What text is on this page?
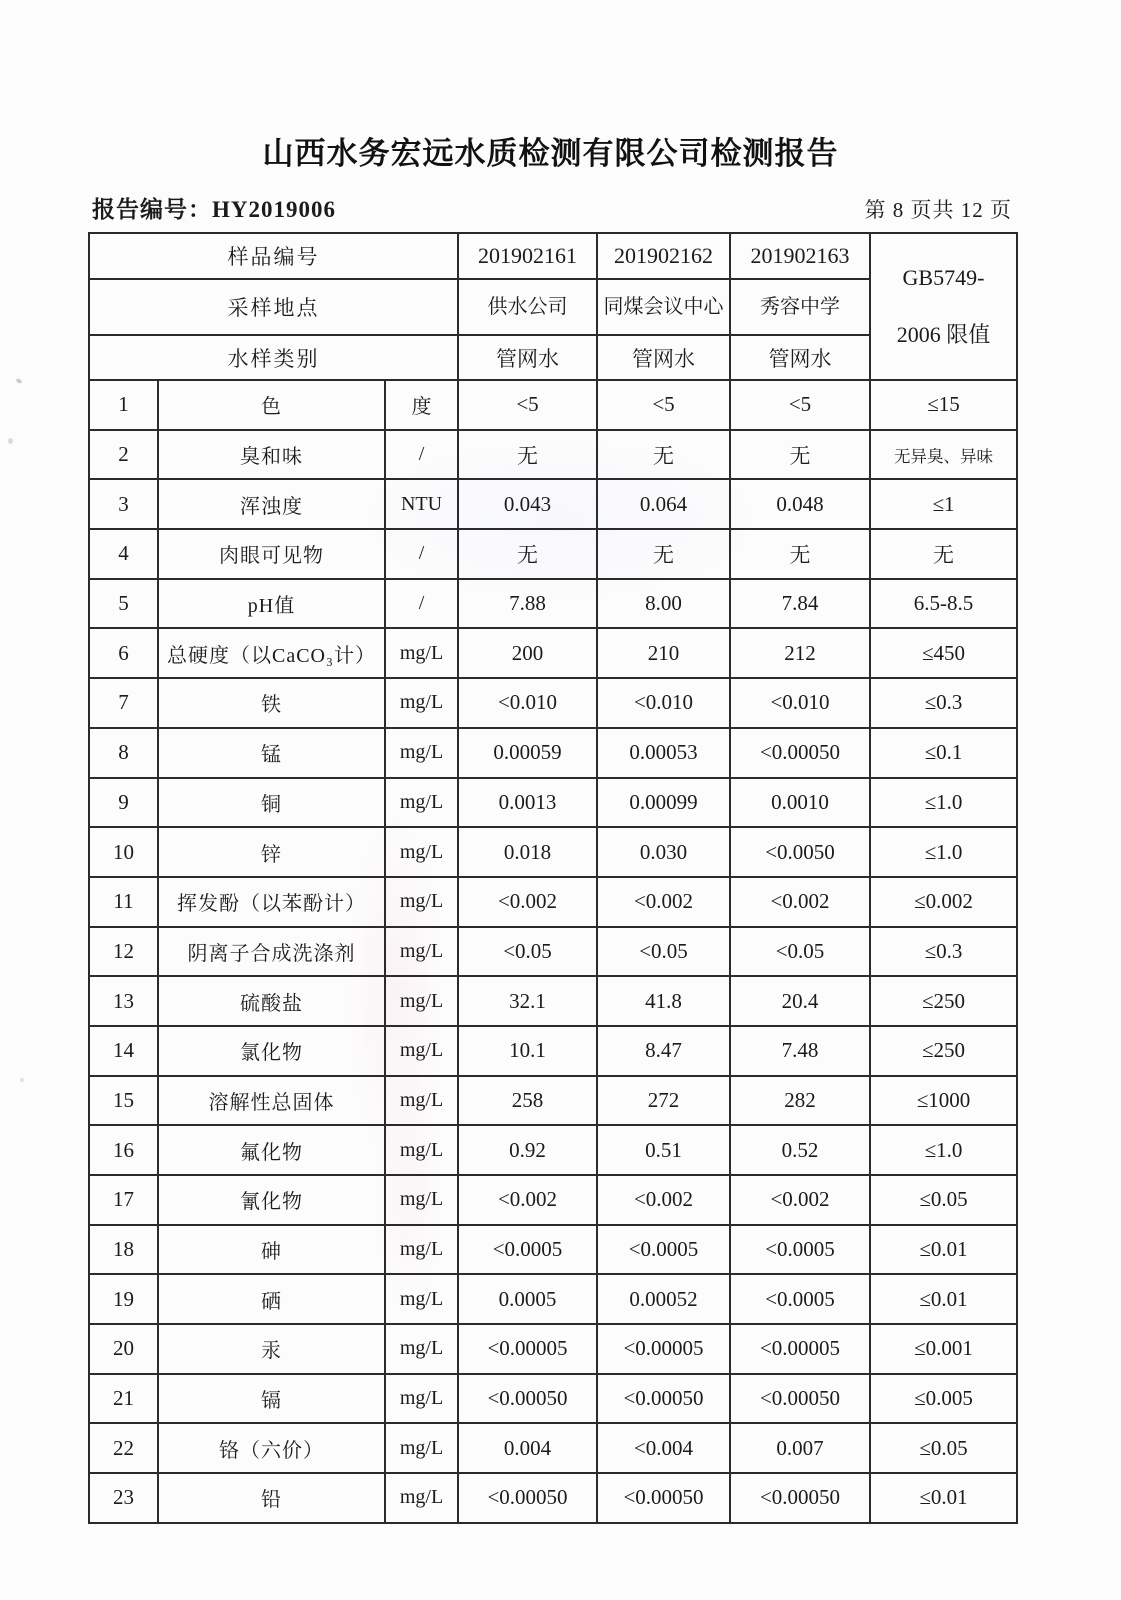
山西水务宏远水质检测有限公司检测报告
报告编号：HY2019006	第 8 页共 12 页
样品编号			201902161	201902162	201902163	GB5749-
2006 限值

采样地点			供水公司	同煤会议中心	秀容中学	
水样类别			管网水	管网水	管网水	
1	色	度	<5	<5	<5	≤15
2	臭和味	/	无	无	无	无异臭、异味
3	浑浊度	NTU	0.043	0.064	0.048	≤1
4	肉眼可见物	/	无	无	无	无
5	pH值	/	7.88	8.00	7.84	6.5-8.5
6	总硬度（以CaCO₃计）	mg/L	200	210	212	≤450
7	铁	mg/L	<0.010	<0.010	<0.010	≤0.3
8	锰	mg/L	0.00059	0.00053	<0.00050	≤0.1
9	铜	mg/L	0.0013	0.00099	0.0010	≤1.0
10	锌	mg/L	0.018	0.030	<0.0050	≤1.0
11	挥发酚（以苯酚计）	mg/L	<0.002	<0.002	<0.002	≤0.002
12	阴离子合成洗涤剂	mg/L	<0.05	<0.05	<0.05	≤0.3
13	硫酸盐	mg/L	32.1	41.8	20.4	≤250
14	氯化物	mg/L	10.1	8.47	7.48	≤250
15	溶解性总固体	mg/L	258	272	282	≤1000
16	氟化物	mg/L	0.92	0.51	0.52	≤1.0
17	氰化物	mg/L	<0.002	<0.002	<0.002	≤0.05
18	砷	mg/L	<0.0005	<0.0005	<0.0005	≤0.01
19	硒	mg/L	0.0005	0.00052	<0.0005	≤0.01
20	汞	mg/L	<0.00005	<0.00005	<0.00005	≤0.001
21	镉	mg/L	<0.00050	<0.00050	<0.00050	≤0.005
22	铬（六价）	mg/L	0.004	<0.004	0.007	≤0.05
23	铅	mg/L	<0.00050	<0.00050	<0.00050	≤0.01
